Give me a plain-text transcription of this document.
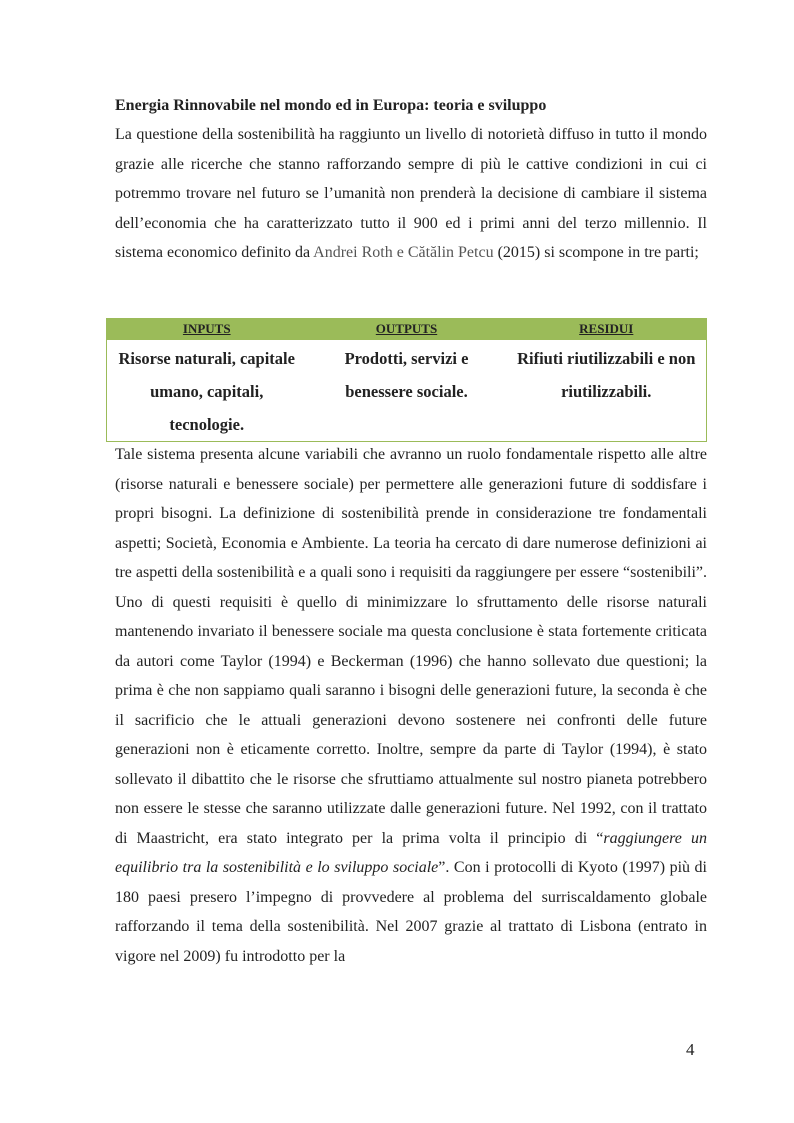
Energia Rinnovabile nel mondo ed in Europa: teoria e sviluppo

La questione della sostenibilità ha raggiunto un livello di notorietà diffuso in tutto il mondo grazie alle ricerche che stanno rafforzando sempre di più le cattive condizioni in cui ci potremmo trovare nel futuro se l’umanità non prenderà la decisione di cambiare il sistema dell’economia che ha caratterizzato tutto il 900 ed i primi anni del terzo millennio. Il sistema economico definito da Andrei Roth e Cătălin Petcu (2015) si scompone in tre parti;

INPUTS	OUTPUTS	RESIDUI
Risorse naturali, capitale umano, capitali, tecnologie.	Prodotti, servizi e benessere sociale.	Rifiuti riutilizzabili e non riutilizzabili.

Tale sistema presenta alcune variabili che avranno un ruolo fondamentale rispetto alle altre (risorse naturali e benessere sociale) per permettere alle generazioni future di soddisfare i propri bisogni. La definizione di sostenibilità prende in considerazione tre fondamentali aspetti; Società, Economia e Ambiente. La teoria ha cercato di dare numerose definizioni ai tre aspetti della sostenibilità e a quali sono i requisiti da raggiungere per essere “sostenibili”. Uno di questi requisiti è quello di minimizzare lo sfruttamento delle risorse naturali mantenendo invariato il benessere sociale ma questa conclusione è stata fortemente criticata da autori come Taylor (1994) e Beckerman (1996) che hanno sollevato due questioni; la prima è che non sappiamo quali saranno i bisogni delle generazioni future, la seconda è che il sacrificio che le attuali generazioni devono sostenere nei confronti delle future generazioni non è eticamente corretto. Inoltre, sempre da parte di Taylor (1994), è stato sollevato il dibattito che le risorse che sfruttiamo attualmente sul nostro pianeta potrebbero non essere le stesse che saranno utilizzate dalle generazioni future. Nel 1992, con il trattato di Maastricht, era stato integrato per la prima volta il principio di “raggiungere un equilibrio tra la sostenibilità e lo sviluppo sociale”. Con i protocolli di Kyoto (1997) più di 180 paesi presero l’impegno di provvedere al problema del surriscaldamento globale rafforzando il tema della sostenibilità. Nel 2007 grazie al trattato di Lisbona (entrato in vigore nel 2009) fu introdotto per la

4
